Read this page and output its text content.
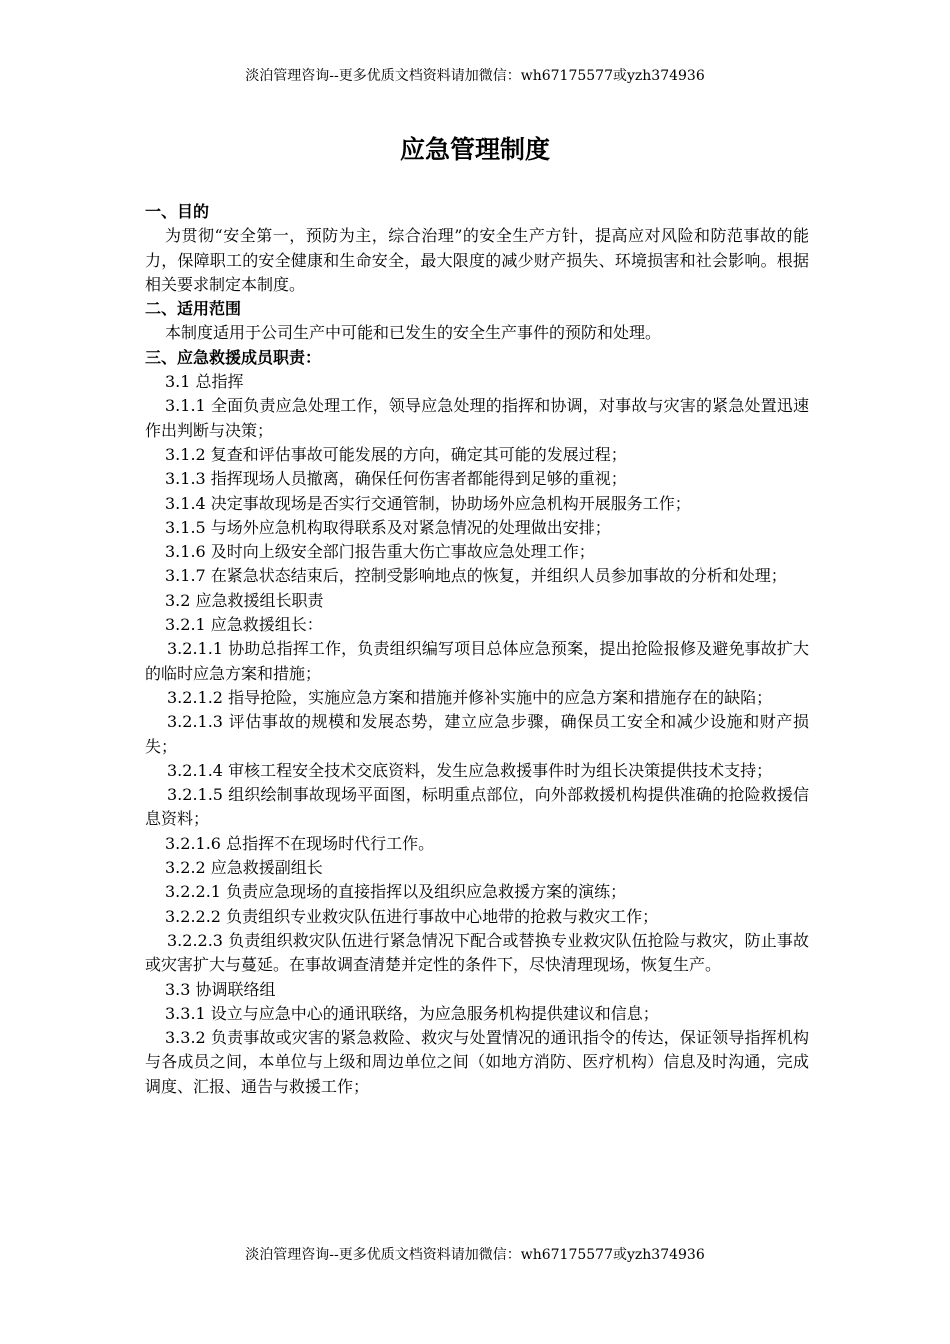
淡泊管理咨询--更多优质文档资料请加微信：wh67175577或yzh374936
应急管理制度
一、目的

为贯彻“安全第一，预防为主，综合治理”的安全生产方针，提高应对风险和防范事故的能力，保障职工的安全健康和生命安全，最大限度的减少财产损失、环境损害和社会影响。根据相关要求制定本制度。

二、适用范围

本制度适用于公司生产中可能和已发生的安全生产事件的预防和处理。

三、应急救援成员职责：

3.1 总指挥

3.1.1 全面负责应急处理工作，领导应急处理的指挥和协调，对事故与灾害的紧急处置迅速作出判断与决策；

3.1.2 复查和评估事故可能发展的方向，确定其可能的发展过程；

3.1.3 指挥现场人员撤离，确保任何伤害者都能得到足够的重视；

3.1.4 决定事故现场是否实行交通管制，协助场外应急机构开展服务工作；

3.1.5 与场外应急机构取得联系及对紧急情况的处理做出安排；

3.1.6 及时向上级安全部门报告重大伤亡事故应急处理工作；

3.1.7 在紧急状态结束后，控制受影响地点的恢复，并组织人员参加事故的分析和处理；

3.2 应急救援组长职责

3.2.1 应急救援组长：

3.2.1.1 协助总指挥工作，负责组织编写项目总体应急预案，提出抢险报修及避免事故扩大的临时应急方案和措施；

3.2.1.2 指导抢险，实施应急方案和措施并修补实施中的应急方案和措施存在的缺陷；

3.2.1.3 评估事故的规模和发展态势，建立应急步骤，确保员工安全和减少设施和财产损失；

3.2.1.4 审核工程安全技术交底资料，发生应急救援事件时为组长决策提供技术支持；

3.2.1.5 组织绘制事故现场平面图，标明重点部位，向外部救援机构提供准确的抢险救援信息资料；

3.2.1.6 总指挥不在现场时代行工作。

3.2.2 应急救援副组长

3.2.2.1 负责应急现场的直接指挥以及组织应急救援方案的演练；

3.2.2.2 负责组织专业救灾队伍进行事故中心地带的抢救与救灾工作；

3.2.2.3 负责组织救灾队伍进行紧急情况下配合或替换专业救灾队伍抢险与救灾，防止事故或灾害扩大与蔓延。在事故调查清楚并定性的条件下，尽快清理现场，恢复生产。

3.3 协调联络组

3.3.1 设立与应急中心的通讯联络，为应急服务机构提供建议和信息；

3.3.2 负责事故或灾害的紧急救险、救灾与处置情况的通讯指令的传达，保证领导指挥机构与各成员之间，本单位与上级和周边单位之间（如地方消防、医疗机构）信息及时沟通，完成调度、汇报、通告与救援工作；

淡泊管理咨询--更多优质文档资料请加微信：wh67175577或yzh374936
